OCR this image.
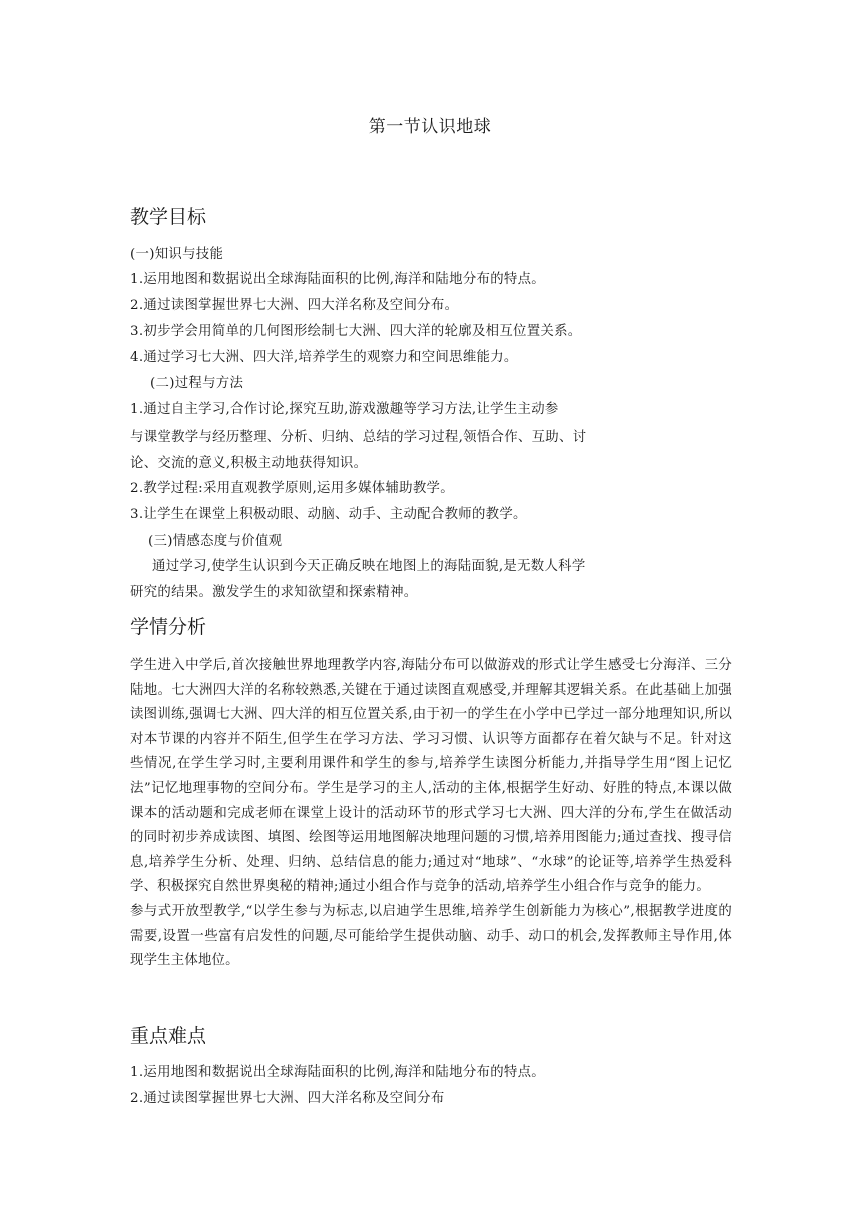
第一节认识地球
教学目标
(一)知识与技能
1.运用地图和数据说出全球海陆面积的比例,海洋和陆地分布的特点。
2.通过读图掌握世界七大洲、四大洋名称及空间分布。
3.初步学会用简单的几何图形绘制七大洲、四大洋的轮廓及相互位置关系。
4.通过学习七大洲、四大洋,培养学生的观察力和空间思维能力。
(二)过程与方法
1.通过自主学习,合作讨论,探究互助,游戏激趣等学习方法,让学生主动参
与课堂教学与经历整理、分析、归纳、总结的学习过程,领悟合作、互助、讨
论、交流的意义,积极主动地获得知识。
2.教学过程:采用直观教学原则,运用多媒体辅助教学。
3.让学生在课堂上积极动眼、动脑、动手、主动配合教师的教学。
(三)情感态度与价值观
通过学习,使学生认识到今天正确反映在地图上的海陆面貌,是无数人科学
研究的结果。激发学生的求知欲望和探索精神。
学情分析
学生进入中学后,首次接触世界地理教学内容,海陆分布可以做游戏的形式让学生感受七分海洋、三分陆地。七大洲四大洋的名称较熟悉,关键在于通过读图直观感受,并理解其逻辑关系。在此基础上加强读图训练,强调七大洲、四大洋的相互位置关系,由于初一的学生在小学中已学过一部分地理知识,所以对本节课的内容并不陌生,但学生在学习方法、学习习惯、认识等方面都存在着欠缺与不足。针对这些情况,在学生学习时,主要利用课件和学生的参与,培养学生读图分析能力,并指导学生用“图上记忆法”记忆地理事物的空间分布。学生是学习的主人,活动的主体,根据学生好动、好胜的特点,本课以做课本的活动题和完成老师在课堂上设计的活动环节的形式学习七大洲、四大洋的分布,学生在做活动的同时初步养成读图、填图、绘图等运用地图解决地理问题的习惯,培养用图能力;通过查找、搜寻信息,培养学生分析、处理、归纳、总结信息的能力;通过对“地球”、“水球”的论证等,培养学生热爱科学、积极探究自然世界奥秘的精神;通过小组合作与竞争的活动,培养学生小组合作与竞争的能力。
参与式开放型教学,“以学生参与为标志,以启迪学生思维,培养学生创新能力为核心”,根据教学进度的需要,设置一些富有启发性的问题,尽可能给学生提供动脑、动手、动口的机会,发挥教师主导作用,体现学生主体地位。
重点难点
1.运用地图和数据说出全球海陆面积的比例,海洋和陆地分布的特点。
2.通过读图掌握世界七大洲、四大洋名称及空间分布
